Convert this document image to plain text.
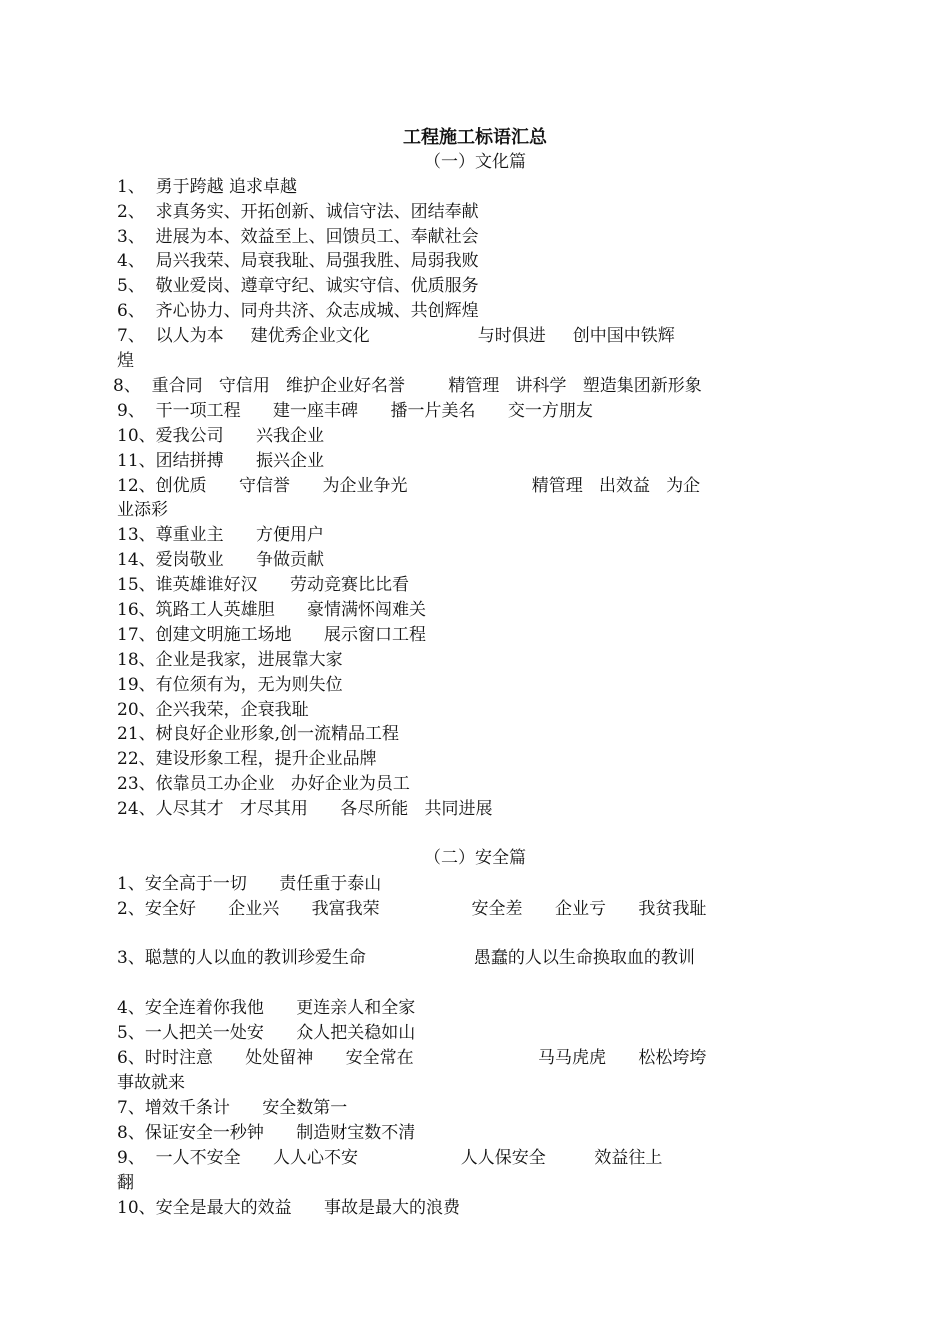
工程施工标语汇总
（一）文化篇
1、  勇于跨越 追求卓越
2、  求真务实、开拓创新、诚信守法、团结奉献
3、  进展为本、效益至上、回馈员工、奉献社会
4、  局兴我荣、局衰我耻、局强我胜、局弱我败
5、  敬业爱岗、遵章守纪、诚实守信、优质服务
6、  齐心协力、同舟共济、众志成城、共创辉煌
7、  以人为本     建优秀企业文化                    与时俱进     创中国中铁辉
煌
8、  重合同   守信用   维护企业好名誉        精管理   讲科学   塑造集团新形象
9、  干一项工程      建一座丰碑      播一片美名      交一方朋友
10、爱我公司      兴我企业
11、团结拼搏      振兴企业
12、创优质      守信誉      为企业争光                       精管理   出效益   为企
业添彩
13、尊重业主      方便用户
14、爱岗敬业      争做贡献
15、谁英雄谁好汉      劳动竞赛比比看
16、筑路工人英雄胆      豪情满怀闯难关
17、创建文明施工场地      展示窗口工程
18、企业是我家，进展靠大家
19、有位须有为，无为则失位
20、企兴我荣，企衰我耻
21、树良好企业形象,创一流精品工程
22、建设形象工程，提升企业品牌
23、依靠员工办企业   办好企业为员工
24、人尽其才   才尽其用      各尽所能   共同进展
（二）安全篇
1、安全高于一切      责任重于泰山
2、安全好      企业兴      我富我荣                 安全差      企业亏      我贫我耻
3、聪慧的人以血的教训珍爱生命                    愚蠢的人以生命换取血的教训
4、安全连着你我他      更连亲人和全家
5、一人把关一处安      众人把关稳如山
6、时时注意      处处留神      安全常在                       马马虎虎      松松垮垮
事故就来
7、增效千条计      安全数第一
8、保证安全一秒钟      制造财宝数不清
9、  一人不安全      人人心不安                   人人保安全         效益往上
翻
10、安全是最大的效益      事故是最大的浪费
